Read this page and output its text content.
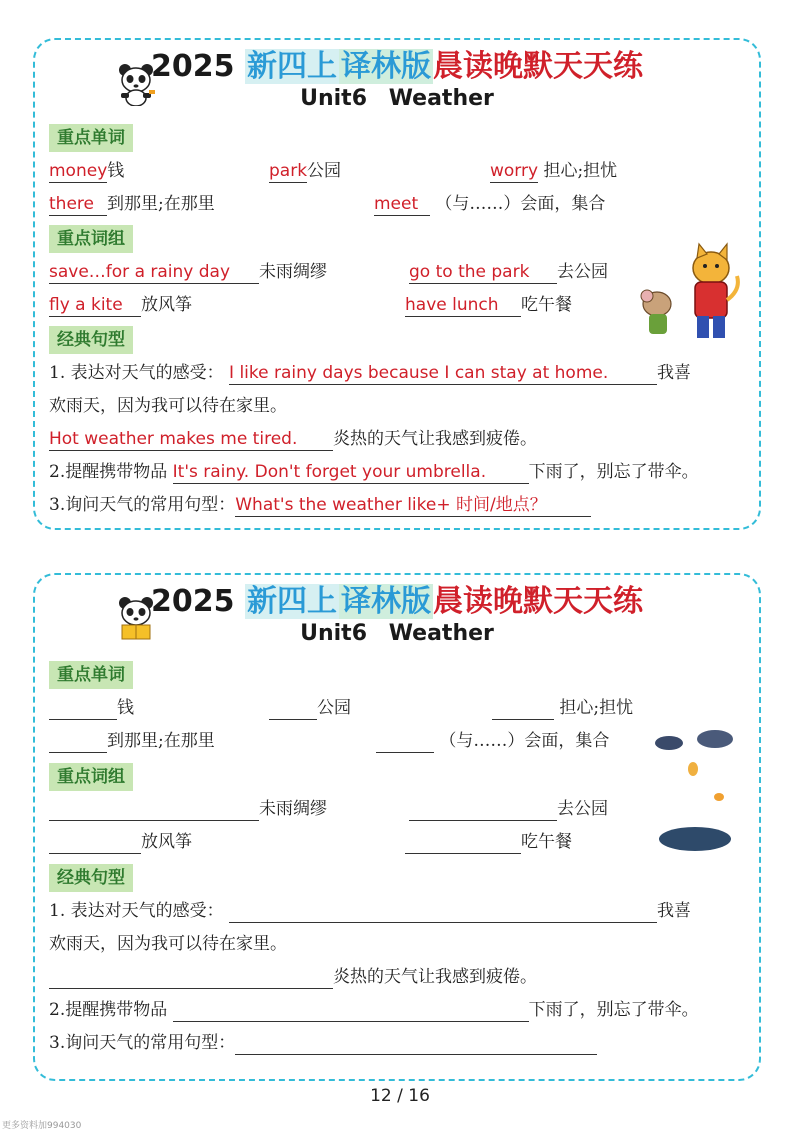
2025 新四上 译林版晨读晚默天天练
Unit6 Weather
重点单词
money钱	park公园	worry 担心;担忧
there 到那里;在那里	meet （与……）会面，集合
重点词组
save…for a rainy day 未雨绸缪	go to the park 去公园
fly a kite 放风筝	have lunch 吃午餐
经典句型
1. 表达对天气的感受： I like rainy days because I can stay at home.	我喜
欢雨天，因为我可以待在家里。
Hot weather makes me tired. 炎热的天气让我感到疲倦。
2.提醒携带物品 It's rainy. Don't forget your umbrella.	下雨了，别忘了带伞。
3.询问天气的常用句型：What's the weather like+ 时间/地点？
2025 新四上 译林版晨读晚默天天练
Unit6 Weather
重点单词
钱	公园	担心;担忧
到那里;在那里	（与……）会面，集合
重点词组
未雨绸缪	去公园
放风筝	吃午餐
经典句型
1. 表达对天气的感受：	我喜
欢雨天，因为我可以待在家里。
炎热的天气让我感到疲倦。
2.提醒携带物品	下雨了，别忘了带伞。
3.询问天气的常用句型：
12 / 16
更多资料加994030
